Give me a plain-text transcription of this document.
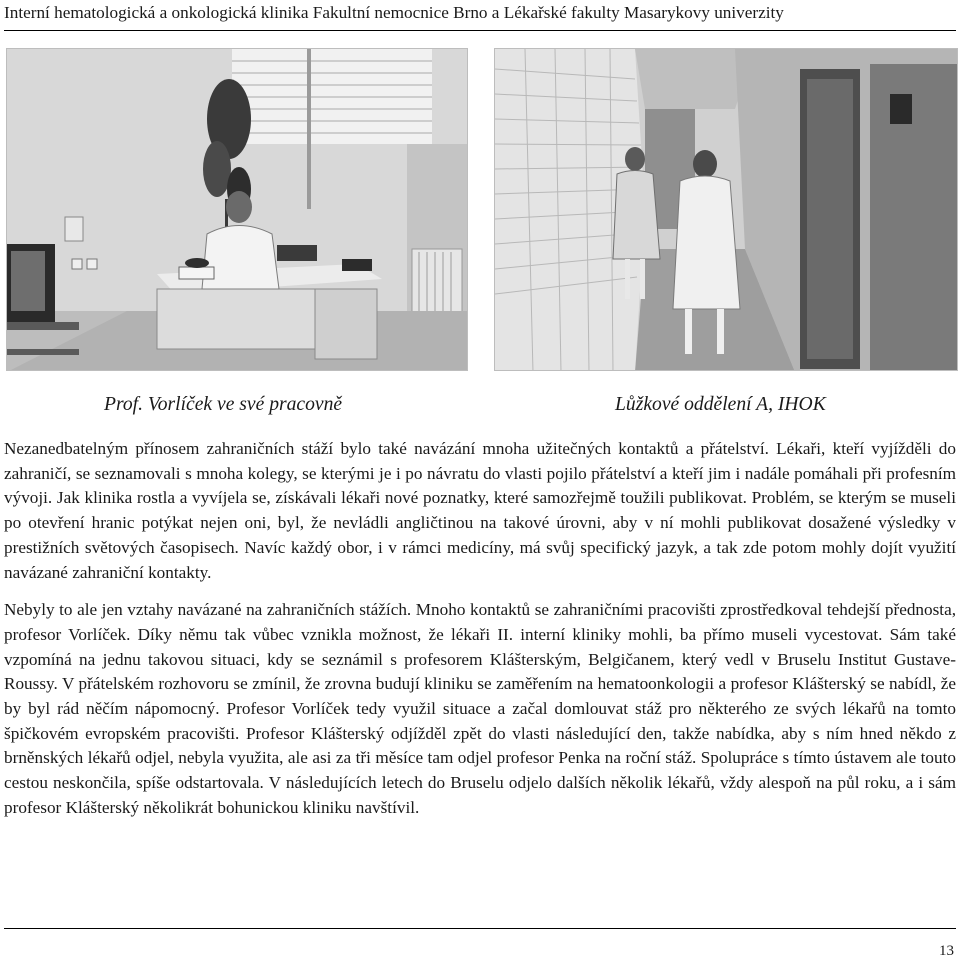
Interní hematologická a onkologická klinika Fakultní nemocnice Brno a Lékařské fakulty Masarykovy univerzity
Prof. Vorlíček ve své pracovně	Lůžkové oddělení A, IHOK

Nezanedbatelným přínosem zahraničních stáží bylo také navázání mnoha užitečných kontaktů a přátelství. Lékaři, kteří vyjížděli do zahraničí, se seznamovali s mnoha kolegy, se kterými je i po návratu do vlasti pojilo přátelství a kteří jim i nadále pomáhali při profesním vývoji. Jak klinika rostla a vyvíjela se, získávali lékaři nové poznatky, které samozřejmě toužili publikovat. Problém, se kterým se museli po otevření hranic potýkat nejen oni, byl, že nevládli angličtinou na takové úrovni, aby v ní mohli publikovat dosažené výsledky v prestižních světových časopisech. Navíc každý obor, i v rámci medicíny, má svůj specifický jazyk, a tak zde potom mohly dojít využití navázané zahraniční kontakty.

Nebyly to ale jen vztahy navázané na zahraničních stážích. Mnoho kontaktů se zahraničními pracovišti zprostředkoval tehdejší přednosta, profesor Vorlíček. Díky němu tak vůbec vznikla možnost, že lékaři II. interní kliniky mohli, ba přímo museli vycestovat. Sám také vzpomíná na jednu takovou situaci, kdy se seznámil s profesorem Klášterským, Belgičanem, který vedl v Bruselu Institut Gustave-Roussy. V přátelském rozhovoru se zmínil, že zrovna budují kliniku se zaměřením na hematoonkologii a profesor Klášterský se nabídl, že by byl rád něčím nápomocný. Profesor Vorlíček tedy využil situace a začal domlouvat stáž pro některého ze svých lékařů na tomto špičkovém evropském pracovišti. Profesor Klášterský odjížděl zpět do vlasti následující den, takže nabídka, aby s ním hned někdo z brněnských lékařů odjel, nebyla využita, ale asi za tři měsíce tam odjel profesor Penka na roční stáž. Spolupráce s tímto ústavem ale touto cestou neskončila, spíše odstartovala. V následujících letech do Bruselu odjelo dalších několik lékařů, vždy alespoň na půl roku, a i sám profesor Klášterský několikrát bohunickou kliniku navštívil.

13
